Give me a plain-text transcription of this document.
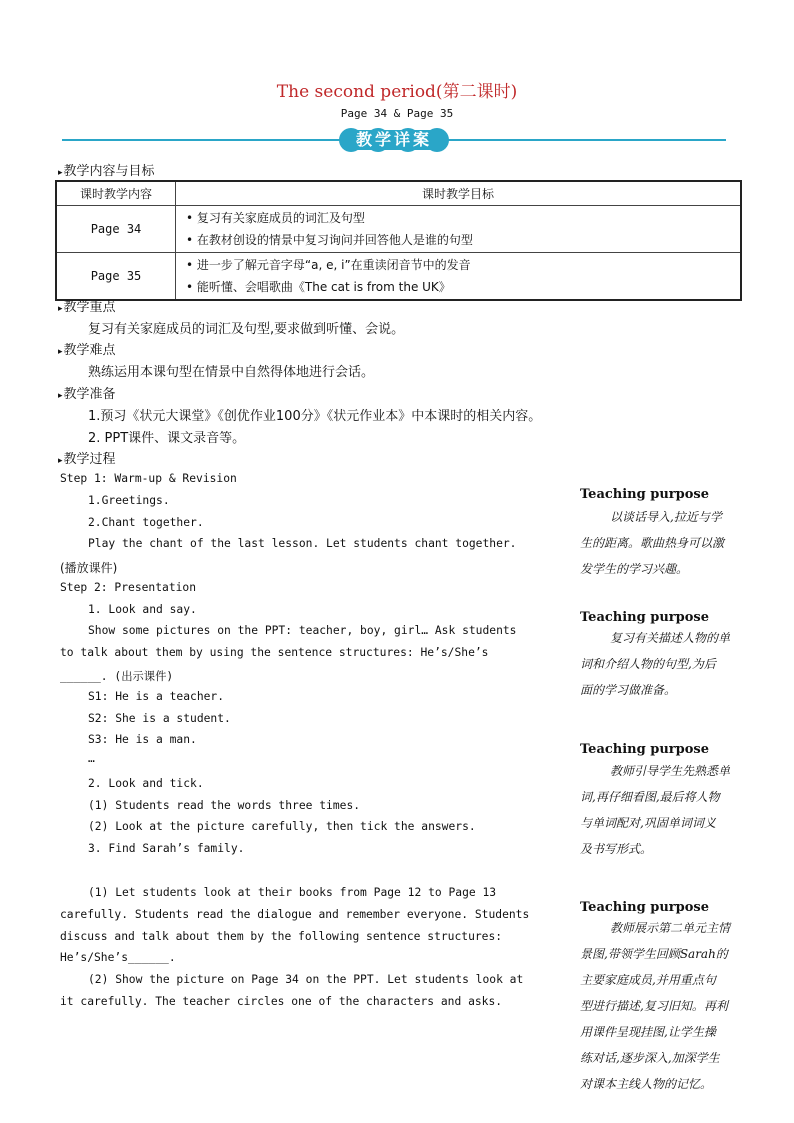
The second period(第二课时)
Page 34 & Page 35
教学详案
▸ 教学内容与目标
课时教学内容	课时教学目标
Page 34	• 复习有关家庭成员的词汇及句型
• 在教材创设的情景中复习询问并回答他人是谁的句型

Page 35	• 进一步了解元音字母“a, e, i”在重读闭音节中的发音
• 能听懂、会唱歌曲《The cat is from the UK》
▸ 教学重点
复习有关家庭成员的词汇及句型,要求做到听懂、会说。
▸ 教学难点
熟练运用本课句型在情景中自然得体地进行会话。
▸ 教学准备
1.预习《状元大课堂》《创优作业100分》《状元作业本》中本课时的相关内容。
2. PPT课件、课文录音等。
▸ 教学过程
Step 1: Warm-up & Revision
1.Greetings.
2.Chant together.
Play the chant of the last lesson. Let students chant together.
(播放课件)
Step 2: Presentation
1. Look and say.
Show some pictures on the PPT: teacher, boy, girl… Ask students
to talk about them by using the sentence structures: He’s/She’s
______. (出示课件)
S1: He is a teacher.
S2: She is a student.
S3: He is a man.
…
2. Look and tick.
(1) Students read the words three times.
(2) Look at the picture carefully, then tick the answers.
3. Find Sarah’s family.
(1) Let students look at their books from Page 12 to Page 13
carefully. Students read the dialogue and remember everyone. Students
discuss and talk about them by the following sentence structures:
He’s/She’s______.
(2) Show the picture on Page 34 on the PPT. Let students look at
it carefully. The teacher circles one of the characters and asks.
Teaching purpose
以谈话导入,拉近与学
生的距离。歌曲热身可以激
发学生的学习兴趣。
Teaching purpose
复习有关描述人物的单
词和介绍人物的句型,为后
面的学习做准备。
Teaching purpose
教师引导学生先熟悉单
词,再仔细看图,最后将人物
与单词配对,巩固单词词义
及书写形式。
Teaching purpose
教师展示第二单元主情
景图,带领学生回顾Sarah的
主要家庭成员,并用重点句
型进行描述,复习旧知。再利
用课件呈现挂图,让学生操
练对话,逐步深入,加深学生
对课本主线人物的记忆。
